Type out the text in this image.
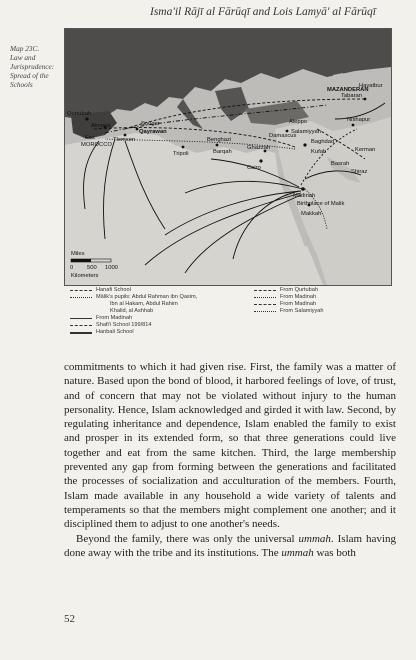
Isma'il Rājī al Fārūqī and Lois Lamyā' al Fārūqī
Map 23C.
Law and
Jurisprudence:
Spread of the
Schools
Qurtubah
Almeria	Sougar
Qayrawan
Tlemcen
Fas
MOROCCO
Tripoli
Benghazi
Barqah
Ghazzah
Cairo
Damascus
Aleppo
Salamiyyah
Baghdad
Kufah
Basrah
Madinah
Birthplace of Malik
Makkah
Tabaran
MAZANDERAN
Hayatbur
Nishapur
Kerman
Shiraz
Miles
0 500 1000
Kilometers
Hanafi School
Mālik's pupils: Abdul Rahman ibn Qasim,
Ibn al Hakam, Abdul Rahim
Khalid, al Ashhab
From Madinah
Shafi'i School 199/814
Hanbali School
From Qurtubah
From Madinah
From Madinah
From Salamiyyah

commitments to which it had given rise. First, the family was a matter of nature. Based upon the bond of blood, it harbored feelings of love, of trust, and of concern that may not be violated without injury to the human personality. Hence, Islam acknowledged and girded it with law. Second, by regulating inheritance and dependence, Islam enabled the family to exist and prosper in its extended form, so that three generations could live together and eat from the same kitchen. Third, the large membership prevented any gap from forming between the generations and facilitated the processes of socialization and acculturation of the members. Fourth, Islam made available in any household a wide variety of talents and temperaments so that the members might complement one another; and it disciplined them to adjust to one another's needs.

Beyond the family, there was only the universal ummah. Islam having done away with the tribe and its institutions. The ummah was both

52
